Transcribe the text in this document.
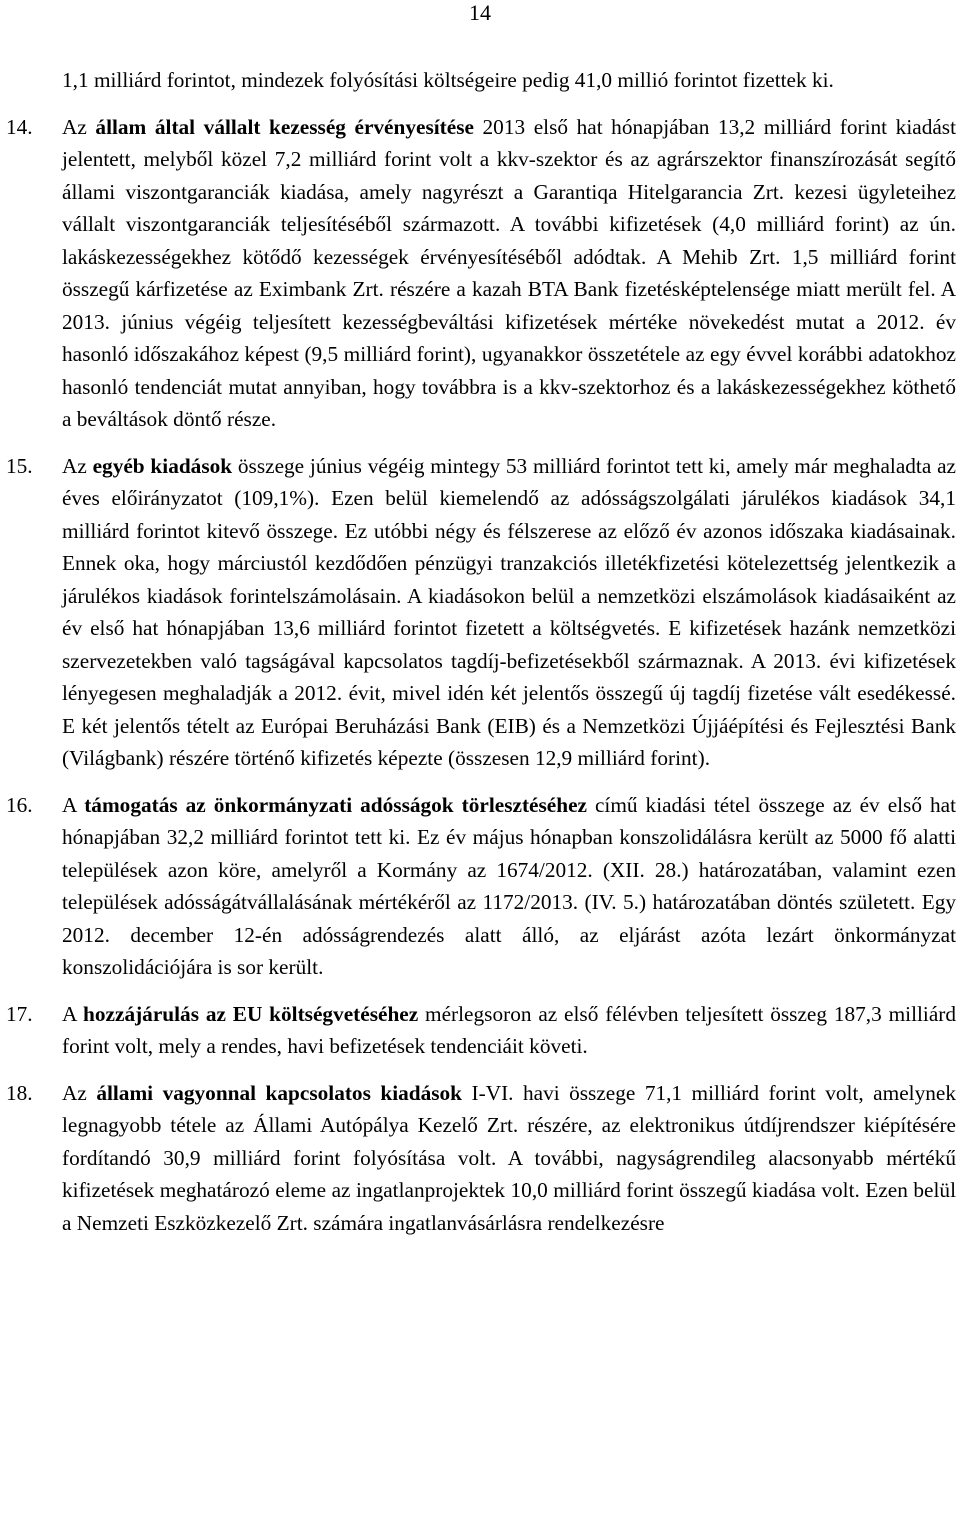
14

1,1 milliárd forintot, mindezek folyósítási költségeire pedig 41,0 millió forintot fizettek ki.

14. Az állam által vállalt kezesség érvényesítése 2013 első hat hónapjában 13,2 milliárd forint kiadást jelentett, melyből közel 7,2 milliárd forint volt a kkv-szektor és az agrárszektor finanszírozását segítő állami viszontgaranciák kiadása, amely nagyrészt a Garantiqa Hitelgarancia Zrt. kezesi ügyleteihez vállalt viszontgaranciák teljesítéséből származott. A további kifizetések (4,0 milliárd forint) az ún. lakáskezességekhez kötődő kezességek érvényesítéséből adódtak. A Mehib Zrt. 1,5 milliárd forint összegű kárfizetése az Eximbank Zrt. részére a kazah BTA Bank fizetésképtelensége miatt merült fel. A 2013. június végéig teljesített kezességbeváltási kifizetések mértéke növekedést mutat a 2012. év hasonló időszakához képest (9,5 milliárd forint), ugyanakkor összetétele az egy évvel korábbi adatokhoz hasonló tendenciát mutat annyiban, hogy továbbra is a kkv-szektorhoz és a lakáskezességekhez köthető a beváltások döntő része.

15. Az egyéb kiadások összege június végéig mintegy 53 milliárd forintot tett ki, amely már meghaladta az éves előirányzatot (109,1%). Ezen belül kiemelendő az adósságszolgálati járulékos kiadások 34,1 milliárd forintot kitevő összege. Ez utóbbi négy és félszerese az előző év azonos időszaka kiadásainak. Ennek oka, hogy márciustól kezdődően pénzügyi tranzakciós illetékfizetési kötelezettség jelentkezik a járulékos kiadások forintelszámolásain. A kiadásokon belül a nemzetközi elszámolások kiadásaiként az év első hat hónapjában 13,6 milliárd forintot fizetett a költségvetés. E kifizetések hazánk nemzetközi szervezetekben való tagságával kapcsolatos tagdíj-befizetésekből származnak. A 2013. évi kifizetések lényegesen meghaladják a 2012. évit, mivel idén két jelentős összegű új tagdíj fizetése vált esedékessé. E két jelentős tételt az Európai Beruházási Bank (EIB) és a Nemzetközi Újjáépítési és Fejlesztési Bank (Világbank) részére történő kifizetés képezte (összesen 12,9 milliárd forint).

16. A támogatás az önkormányzati adósságok törlesztéséhez című kiadási tétel összege az év első hat hónapjában 32,2 milliárd forintot tett ki. Ez év május hónapban konszolidálásra került az 5000 fő alatti települések azon köre, amelyről a Kormány az 1674/2012. (XII. 28.) határozatában, valamint ezen települések adósságátvállalásának mértékéről az 1172/2013. (IV. 5.) határozatában döntés született. Egy 2012. december 12-én adósságrendezés alatt álló, az eljárást azóta lezárt önkormányzat konszolidációjára is sor került.

17. A hozzájárulás az EU költségvetéséhez mérlegsoron az első félévben teljesített összeg 187,3 milliárd forint volt, mely a rendes, havi befizetések tendenciáit követi.

18. Az állami vagyonnal kapcsolatos kiadások I-VI. havi összege 71,1 milliárd forint volt, amelynek legnagyobb tétele az Állami Autópálya Kezelő Zrt. részére, az elektronikus útdíjrendszer kiépítésére fordítandó 30,9 milliárd forint folyósítása volt. A további, nagyságrendileg alacsonyabb mértékű kifizetések meghatározó eleme az ingatlanprojektek 10,0 milliárd forint összegű kiadása volt. Ezen belül a Nemzeti Eszközkezelő Zrt. számára ingatlanvásárlásra rendelkezésre
